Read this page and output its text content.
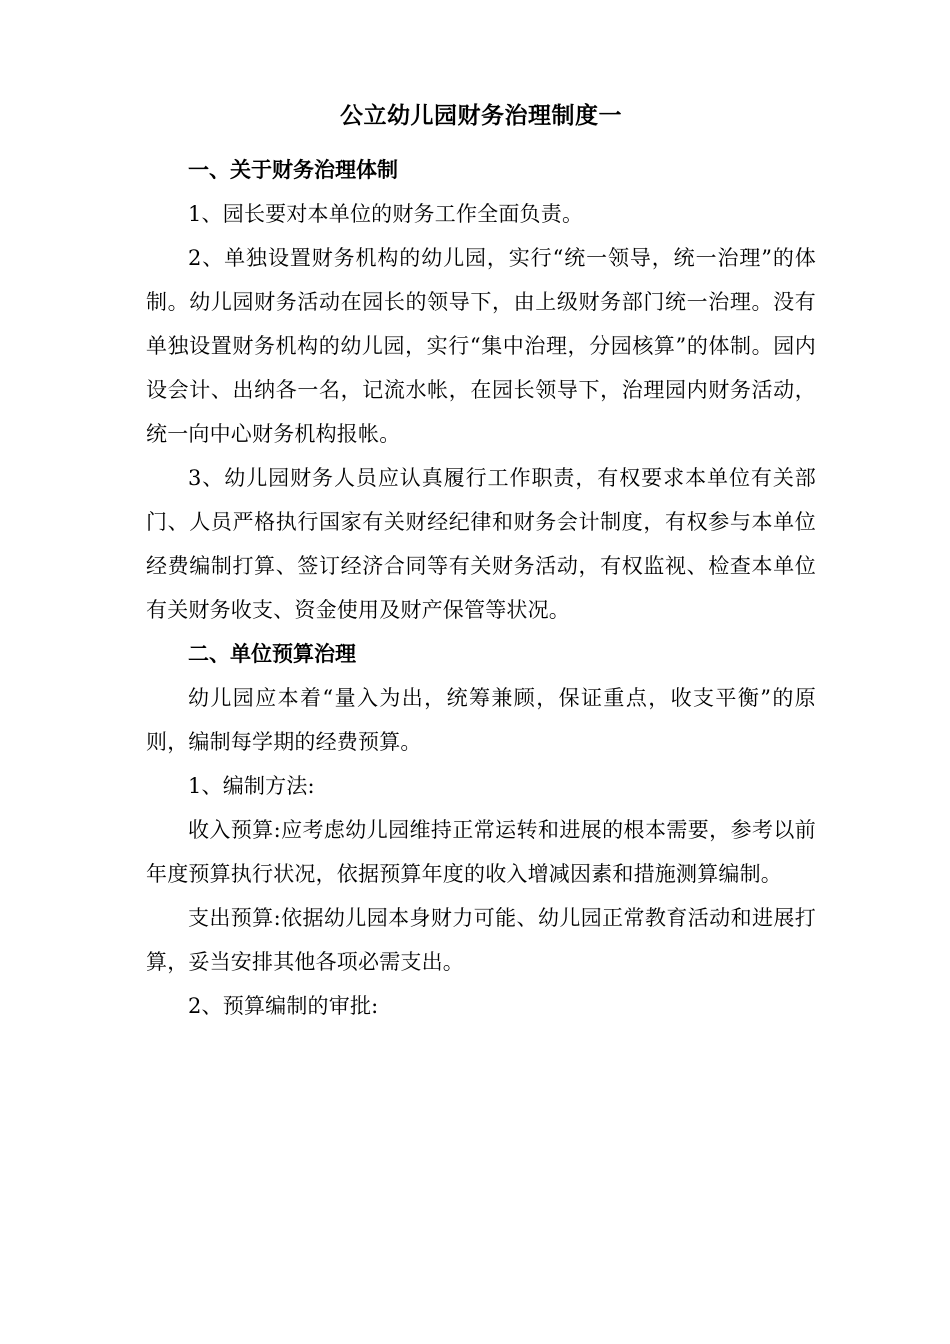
公立幼儿园财务治理制度一
一、关于财务治理体制

1、园长要对本单位的财务工作全面负责。

2、单独设置财务机构的幼儿园，实行“统一领导，统一治理”的体制。幼儿园财务活动在园长的领导下，由上级财务部门统一治理。没有单独设置财务机构的幼儿园，实行“集中治理，分园核算”的体制。园内设会计、出纳各一名，记流水帐，在园长领导下，治理园内财务活动，统一向中心财务机构报帐。

3、幼儿园财务人员应认真履行工作职责，有权要求本单位有关部门、人员严格执行国家有关财经纪律和财务会计制度，有权参与本单位经费编制打算、签订经济合同等有关财务活动，有权监视、检查本单位有关财务收支、资金使用及财产保管等状况。

二、单位预算治理

幼儿园应本着“量入为出，统筹兼顾，保证重点，收支平衡”的原则，编制每学期的经费预算。

1、编制方法:

收入预算:应考虑幼儿园维持正常运转和进展的根本需要，参考以前年度预算执行状况，依据预算年度的收入增减因素和措施测算编制。

支出预算:依据幼儿园本身财力可能、幼儿园正常教育活动和进展打算，妥当安排其他各项必需支出。

2、预算编制的审批:
